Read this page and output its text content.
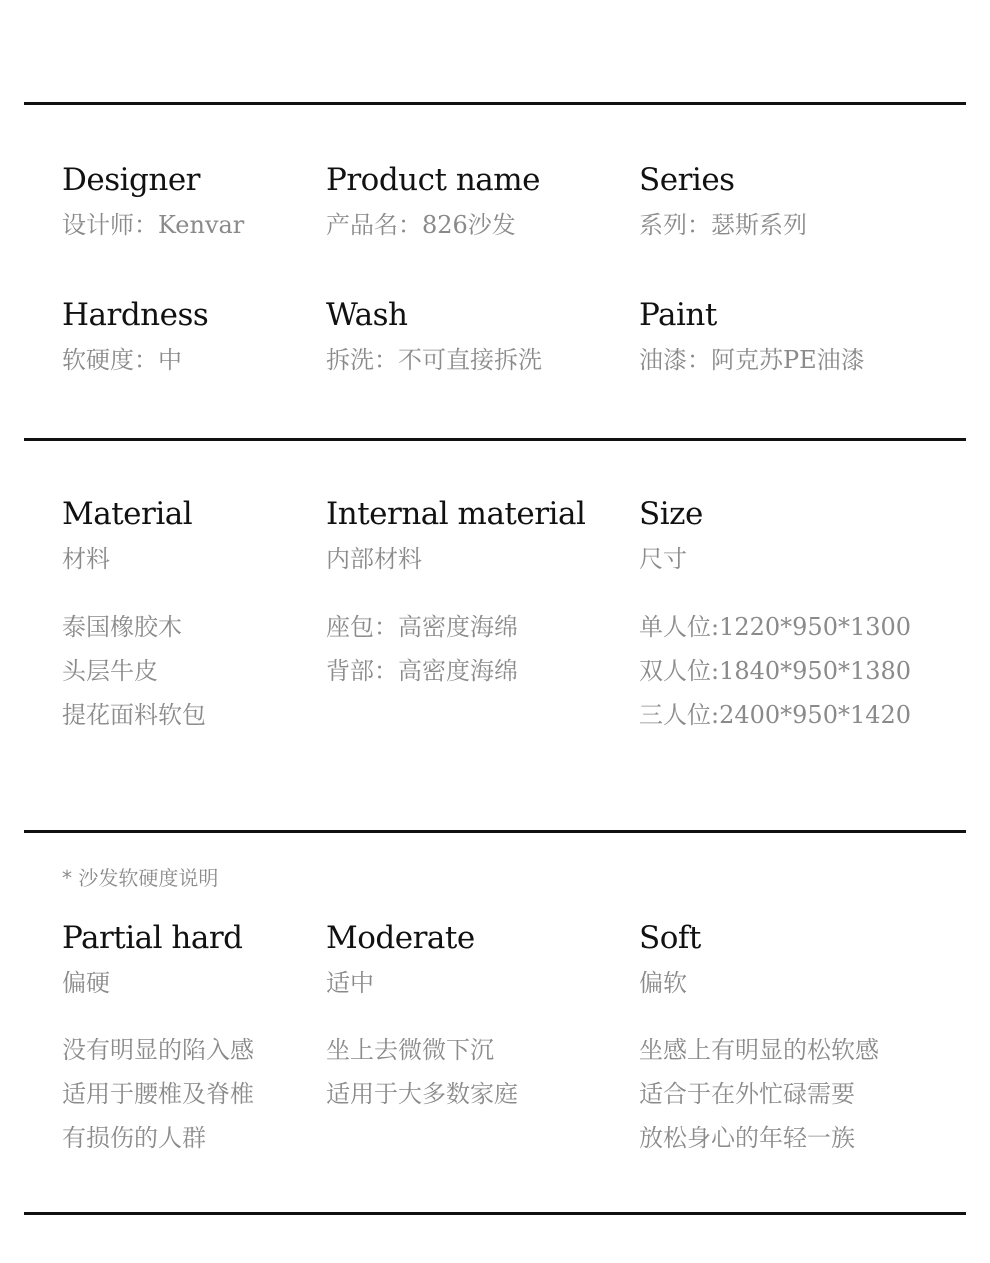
Designer
设计师：Kenvar
Product name
产品名：826沙发
Series
系列：瑟斯系列
Hardness
软硬度：中
Wash
拆洗：不可直接拆洗
Paint
油漆：阿克苏PE油漆
Material
材料
泰国橡胶木
头层牛皮
提花面料软包
Internal material
内部材料
座包：高密度海绵
背部：高密度海绵
Size
尺寸
单人位:1220*950*1300
双人位:1840*950*1380
三人位:2400*950*1420
* 沙发软硬度说明
Partial hard
偏硬
没有明显的陷入感
适用于腰椎及脊椎
有损伤的人群
Moderate
适中
坐上去微微下沉
适用于大多数家庭
Soft
偏软
坐感上有明显的松软感
适合于在外忙碌需要
放松身心的年轻一族
